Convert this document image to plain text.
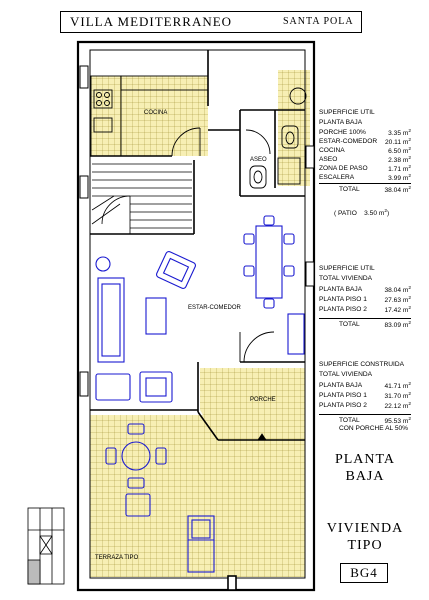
VILLA MEDITERRANEO	SANTA POLA
COCINA
ASEO
ESTAR-COMEDOR
PORCHE
TERRAZA TIPO
SUPERFICIE UTIL
PLANTA BAJA
PORCHE 100%	3.35 $m^2$
ESTAR-COMEDOR 20.11 $m^2$
COCINA	6.50 $m^2$
ASEO	2.38 $m^2$
ZONA DE PASO	1.71 $m^2$
ESCALERA	3.99 $m^2$
TOTAL	38.04 $m^2$
( PATIO 3.50 $m^2$)
SUPERFICIE UTIL
TOTAL VIVIENDA
PLANTA BAJA	38.04 $m^2$
PLANTA PISO 1	27.63 $m^2$
PLANTA PISO 2	17.42 $m^2$
TOTAL	83.09 $m^2$
SUPERFICIE CONSTRUIDA
TOTAL VIVIENDA
PLANTA BAJA	41.71 $m^2$
PLANTA PISO 1	31.70 $m^2$
PLANTA PISO 2	22.12 $m^2$
TOTAL	95.53 $m^2$
CON PORCHE AL 50%
PLANTA
BAJA
VIVIENDA
TIPO
BG4
